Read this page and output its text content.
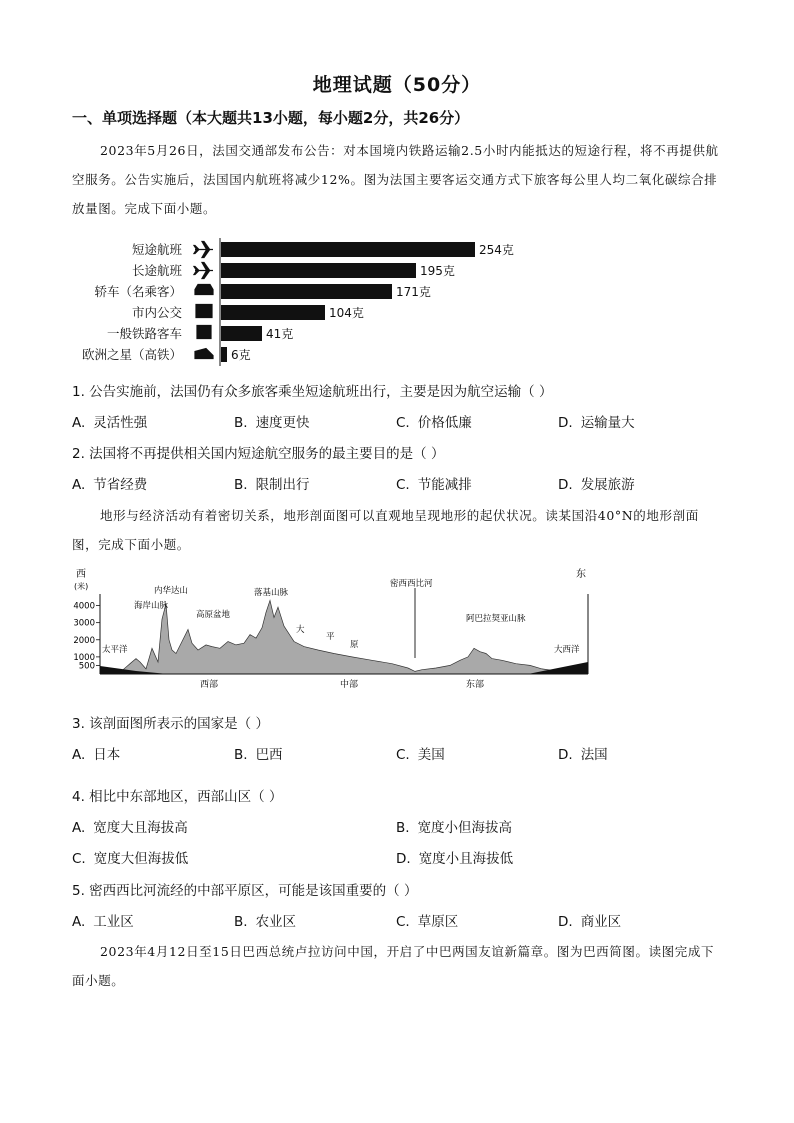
地理试题（50分）
一、单项选择题（本大题共13小题，每小题2分，共26分）
2023年5月26日，法国交通部发布公告：对本国境内铁路运输2.5小时内能抵达的短途行程，将不再提供航空服务。公告实施后，法国国内航班将减少12%。图为法国主要客运交通方式下旅客每公里人均二氧化碳综合排放量图。完成下面小题。
短途航班	254克
长途航班	195克
轿车（名乘客）	171克
市内公交	104克
一般铁路客车	41克
欧洲之星（高铁）	6克
1. 公告实施前，法国仍有众多旅客乘坐短途航班出行，主要是因为航空运输（ ）
A. 灵活性强	B. 速度更快	C. 价格低廉	D. 运输量大
2. 法国将不再提供相关国内短途航空服务的最主要目的是（ ）
A. 节省经费	B. 限制出行	C. 节能减排	D. 发展旅游
地形与经济活动有着密切关系，地形剖面图可以直观地呈现地形的起伏状况。读某国沿40°N的地形剖面图，完成下面小题。
西	东
(米)
4000
3000
2000
1000
500
太平洋
海岸山脉
内华达山
高原盆地
落基山脉
大
平
原
密西西比河
阿巴拉契亚山脉
大西洋
西部	中部	东部
3. 该剖面图所表示的国家是（ ）
A. 日本	B. 巴西	C. 美国	D. 法国
4. 相比中东部地区，西部山区（ ）
A. 宽度大且海拔高	B. 宽度小但海拔高
C. 宽度大但海拔低	D. 宽度小且海拔低
5. 密西西比河流经的中部平原区，可能是该国重要的（ ）
A. 工业区	B. 农业区	C. 草原区	D. 商业区
2023年4月12日至15日巴西总统卢拉访问中国，开启了中巴两国友谊新篇章。图为巴西简图。读图完成下面小题。
